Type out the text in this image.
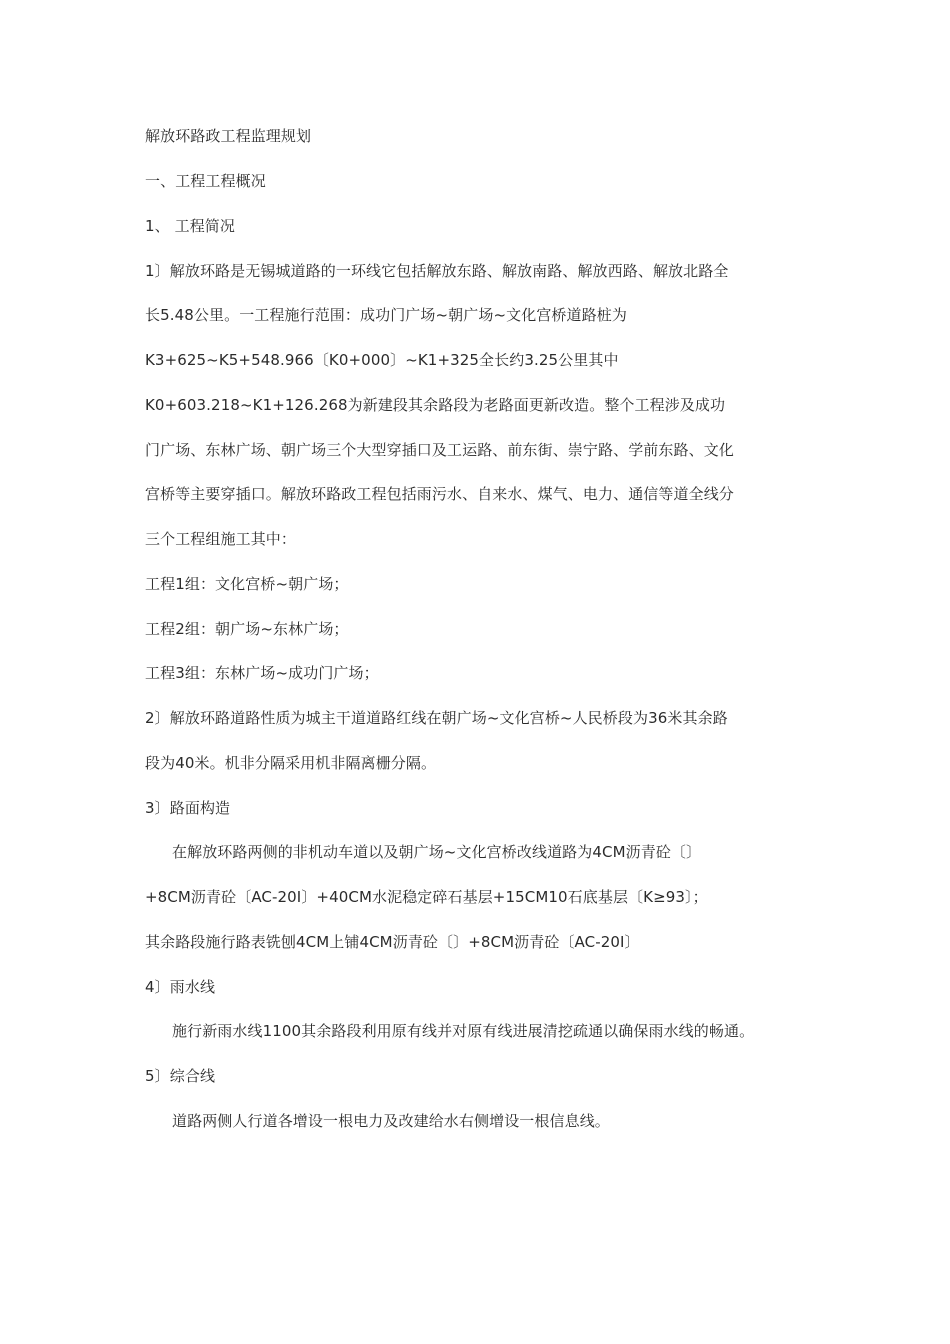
解放环路政工程监理规划
一、工程工程概况
1、 工程简况
1〕解放环路是无锡城道路的一环线它包括解放东路、解放南路、解放西路、解放北路全
长5.48公里。一工程施行范围：成功门广场~朝广场~文化宫桥道路桩为
K3+625~K5+548.966〔K0+000〕~K1+325全长约3.25公里其中
K0+603.218~K1+126.268为新建段其余路段为老路面更新改造。整个工程涉及成功
门广场、东林广场、朝广场三个大型穿插口及工运路、前东街、崇宁路、学前东路、文化
宫桥等主要穿插口。解放环路政工程包括雨污水、自来水、煤气、电力、通信等道全线分
三个工程组施工其中：
工程1组：文化宫桥~朝广场；
工程2组：朝广场~东林广场；
工程3组：东林广场~成功门广场；
2〕解放环路道路性质为城主干道道路红线在朝广场~文化宫桥~人民桥段为36米其余路
段为40米。机非分隔采用机非隔离栅分隔。
3〕路面构造
在解放环路两侧的非机动车道以及朝广场~文化宫桥改线道路为4CM沥青砼〔〕
+8CM沥青砼〔AC-20Ⅰ〕+40CM水泥稳定碎石基层+15CM10石底基层〔K≥93〕；
其余路段施行路表铣刨4CM上铺4CM沥青砼〔〕+8CM沥青砼〔AC-20Ⅰ〕
4〕雨水线
施行新雨水线1100其余路段利用原有线并对原有线进展清挖疏通以确保雨水线的畅通。
5〕综合线
道路两侧人行道各增设一根电力及改建给水右侧增设一根信息线。
